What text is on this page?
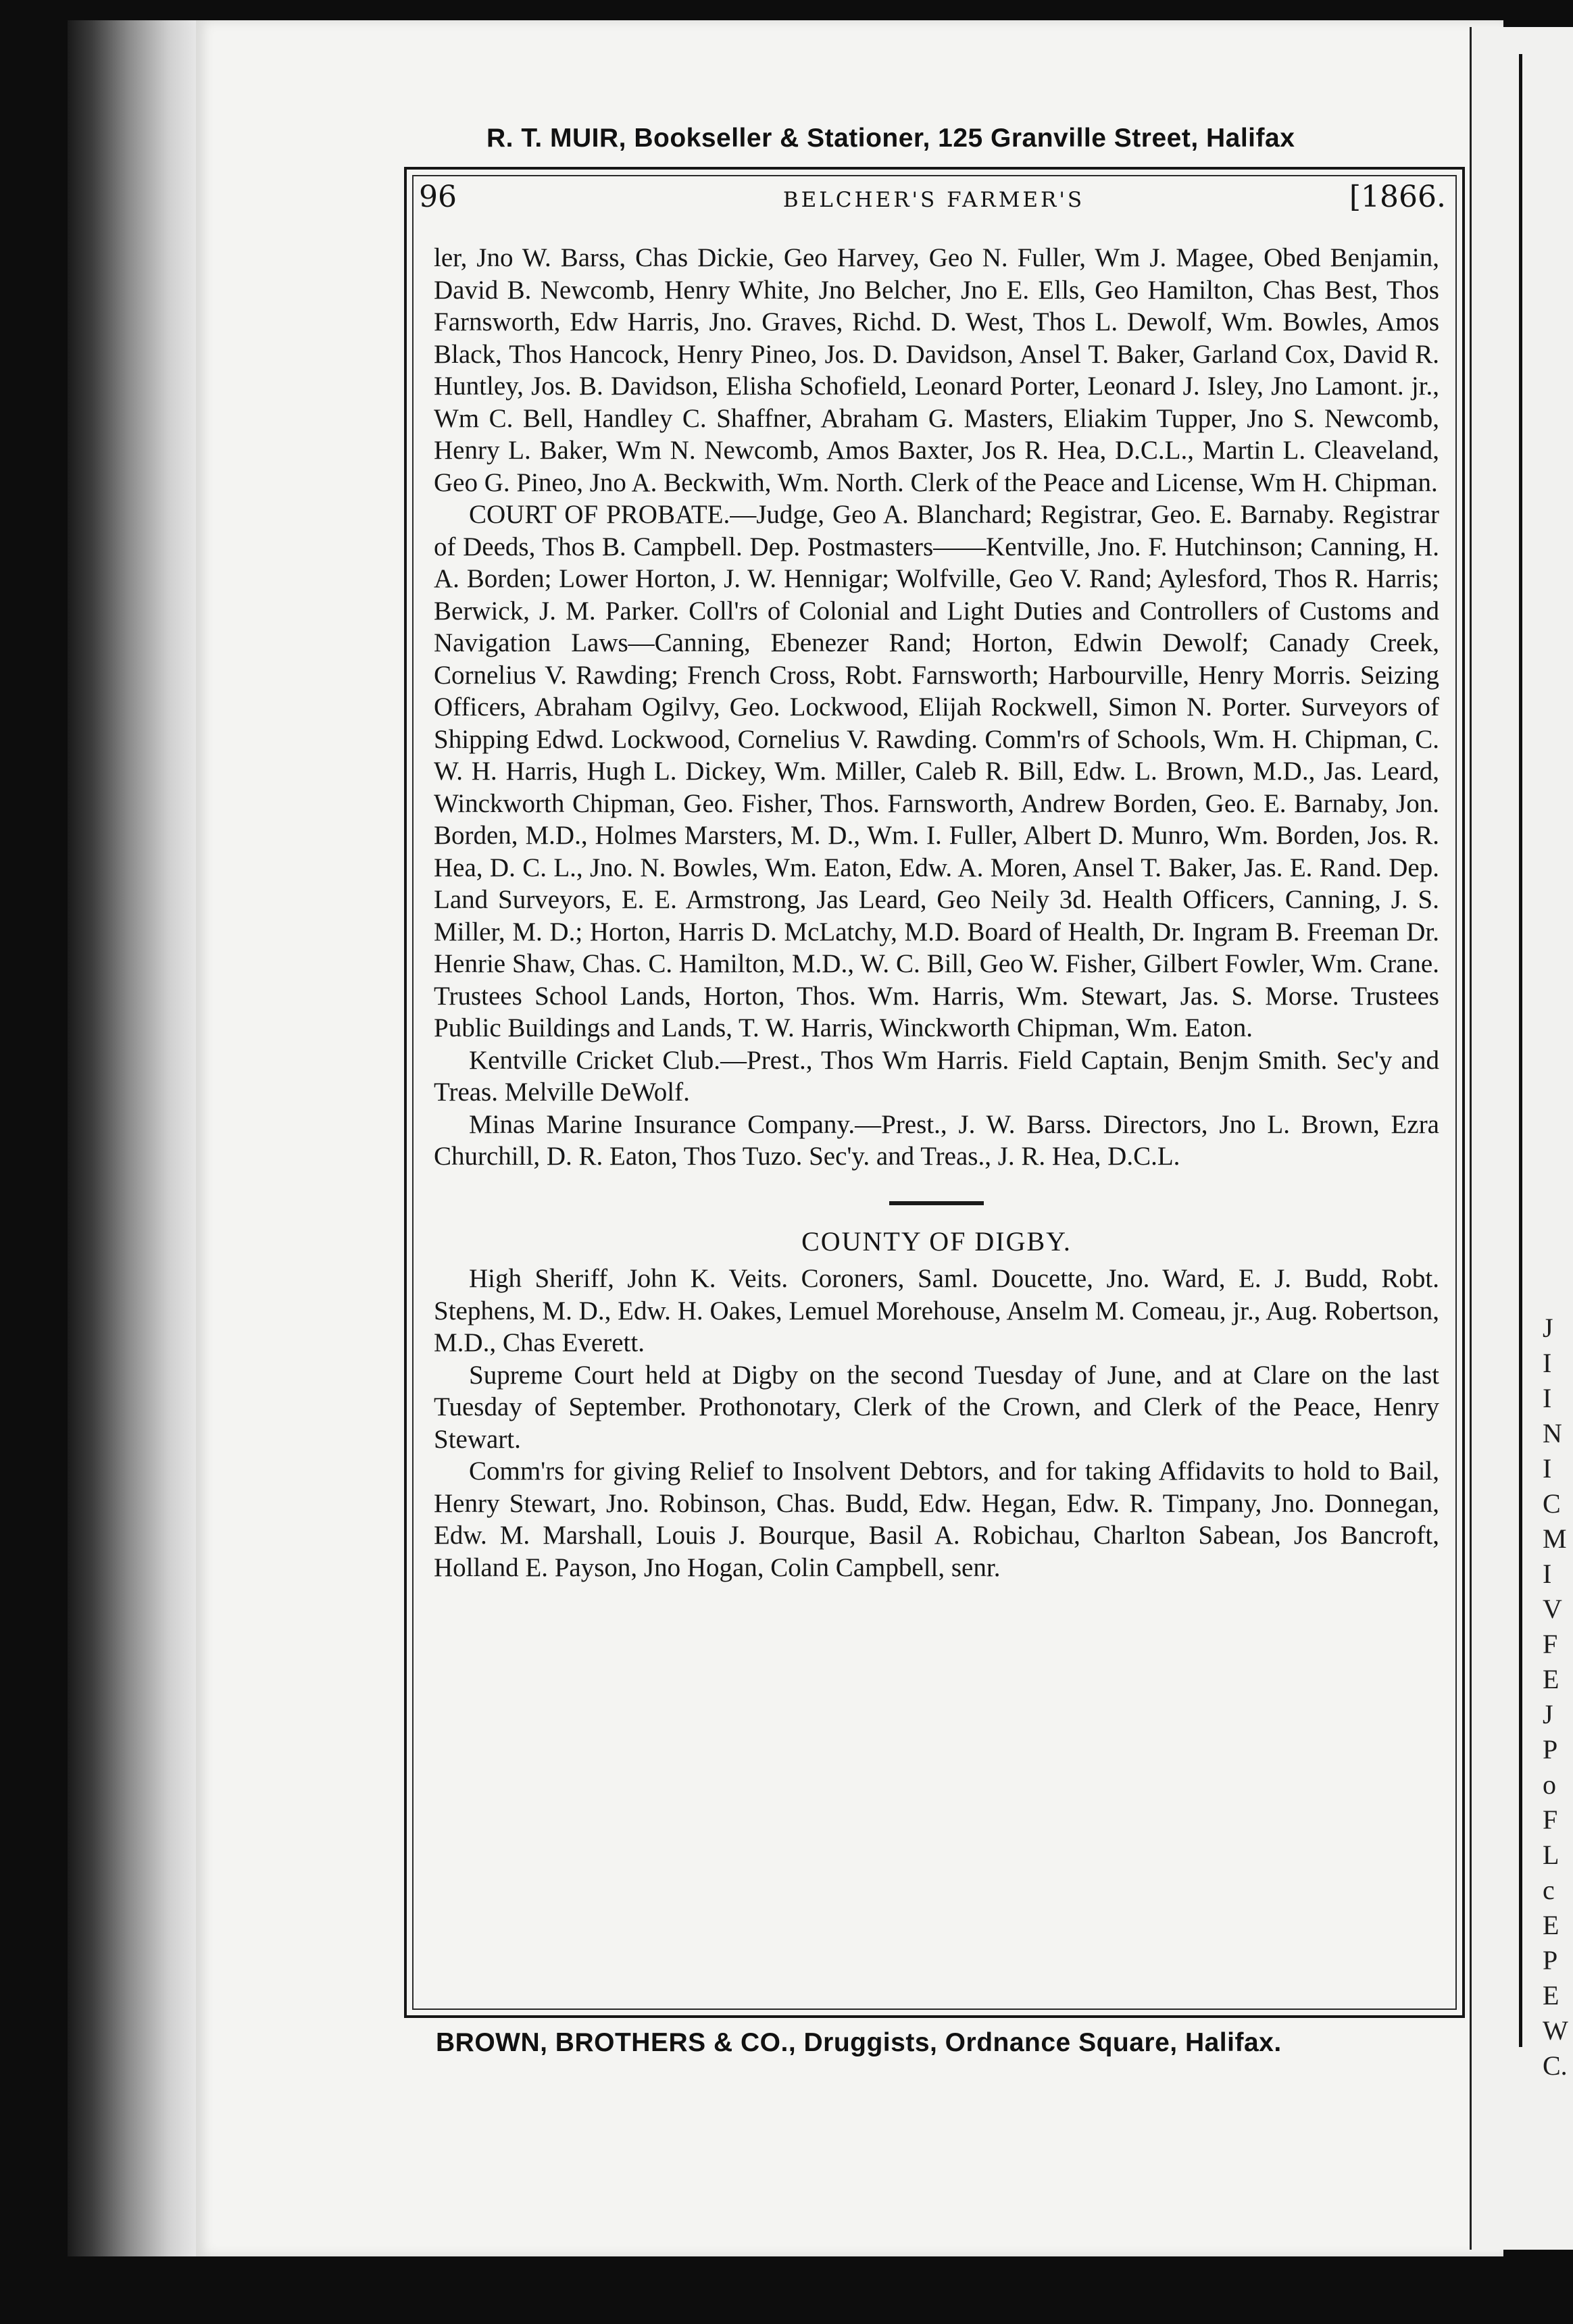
J
I
I
N
I
C
M
I
V
F
E
J
P
o
F
L
c
E
P
E
W
C.
R. T. MUIR, Bookseller & Stationer, 125 Granville Street, Halifax
96	BELCHER'S FARMER'S	[1866.

ler, Jno W. Barss, Chas Dickie, Geo Harvey, Geo N. Fuller, Wm J. Magee, Obed Benjamin, David B. Newcomb, Henry White, Jno Belcher, Jno E. Ells, Geo Hamilton, Chas Best, Thos Farnsworth, Edw Harris, Jno. Graves, Richd. D. West, Thos L. Dewolf, Wm. Bowles, Amos Black, Thos Hancock, Henry Pineo, Jos. D. Davidson, Ansel T. Baker, Garland Cox, David R. Huntley, Jos. B. Davidson, Elisha Schofield, Leonard Porter, Leonard J. Isley, Jno Lamont. jr., Wm C. Bell, Handley C. Shaffner, Abraham G. Masters, Eliakim Tupper, Jno S. Newcomb, Henry L. Baker, Wm N. Newcomb, Amos Baxter, Jos R. Hea, D.C.L., Martin L. Cleaveland, Geo G. Pineo, Jno A. Beckwith, Wm. North. Clerk of the Peace and License, Wm H. Chipman.

COURT OF PROBATE.—Judge, Geo A. Blanchard; Registrar, Geo. E. Barnaby. Registrar of Deeds, Thos B. Campbell. Dep. Postmasters——Kentville, Jno. F. Hutchinson; Canning, H. A. Borden; Lower Horton, J. W. Hennigar; Wolfville, Geo V. Rand; Aylesford, Thos R. Harris; Berwick, J. M. Parker. Coll'rs of Colonial and Light Duties and Controllers of Customs and Navigation Laws—Canning, Ebenezer Rand; Horton, Edwin Dewolf; Canady Creek, Cornelius V. Rawding; French Cross, Robt. Farnsworth; Harbourville, Henry Morris. Seizing Officers, Abraham Ogilvy, Geo. Lockwood, Elijah Rockwell, Simon N. Porter. Surveyors of Shipping Edwd. Lockwood, Cornelius V. Rawding. Comm'rs of Schools, Wm. H. Chipman, C. W. H. Harris, Hugh L. Dickey, Wm. Miller, Caleb R. Bill, Edw. L. Brown, M.D., Jas. Leard, Winckworth Chipman, Geo. Fisher, Thos. Farnsworth, Andrew Borden, Geo. E. Barnaby, Jon. Borden, M.D., Holmes Marsters, M. D., Wm. I. Fuller, Albert D. Munro, Wm. Borden, Jos. R. Hea, D. C. L., Jno. N. Bowles, Wm. Eaton, Edw. A. Moren, Ansel T. Baker, Jas. E. Rand. Dep. Land Surveyors, E. E. Armstrong, Jas Leard, Geo Neily 3d. Health Officers, Canning, J. S. Miller, M. D.; Horton, Harris D. McLatchy, M.D. Board of Health, Dr. Ingram B. Freeman Dr. Henrie Shaw, Chas. C. Hamilton, M.D., W. C. Bill, Geo W. Fisher, Gilbert Fowler, Wm. Crane. Trustees School Lands, Horton, Thos. Wm. Harris, Wm. Stewart, Jas. S. Morse. Trustees Public Buildings and Lands, T. W. Harris, Winckworth Chipman, Wm. Eaton.

Kentville Cricket Club.—Prest., Thos Wm Harris. Field Captain, Benjm Smith. Sec'y and Treas. Melville DeWolf.

Minas Marine Insurance Company.—Prest., J. W. Barss. Directors, Jno L. Brown, Ezra Churchill, D. R. Eaton, Thos Tuzo. Sec'y. and Treas., J. R. Hea, D.C.L.

COUNTY OF DIGBY.

High Sheriff, John K. Veits. Coroners, Saml. Doucette, Jno. Ward, E. J. Budd, Robt. Stephens, M. D., Edw. H. Oakes, Lemuel Morehouse, Anselm M. Comeau, jr., Aug. Robertson, M.D., Chas Everett.

Supreme Court held at Digby on the second Tuesday of June, and at Clare on the last Tuesday of September. Prothonotary, Clerk of the Crown, and Clerk of the Peace, Henry Stewart.

Comm'rs for giving Relief to Insolvent Debtors, and for taking Affidavits to hold to Bail, Henry Stewart, Jno. Robinson, Chas. Budd, Edw. Hegan, Edw. R. Timpany, Jno. Donnegan, Edw. M. Marshall, Louis J. Bourque, Basil A. Robichau, Charlton Sabean, Jos Bancroft, Holland E. Payson, Jno Hogan, Colin Campbell, senr.

BROWN, BROTHERS & CO., Druggists, Ordnance Square, Halifax.
